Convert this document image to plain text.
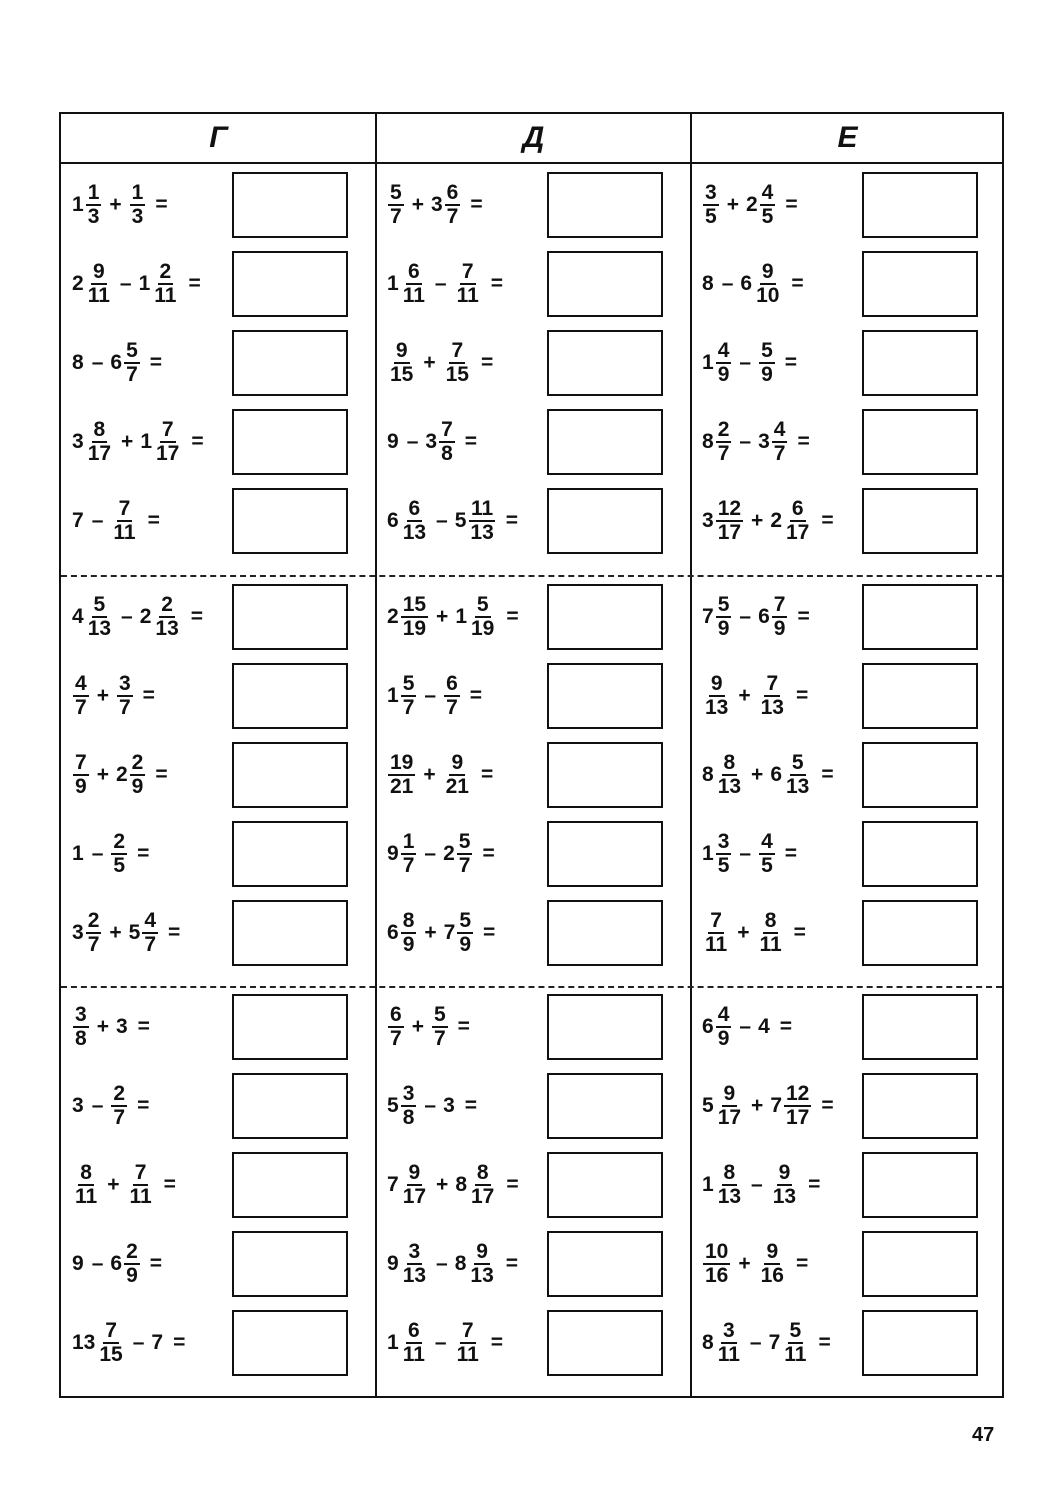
Г	Д	Е
$1 \frac{1}{3} + \frac{1}{3}$ =
$2 \frac{9}{11} - 1 \frac{2}{11}$ =
$8 - 6 \frac{5}{7}$ =
$3 \frac{8}{17} + 1 \frac{7}{17}$ =
$7 - \frac{7}{11}$ =
$4 \frac{5}{13} - 2 \frac{2}{13}$ =
$\frac{4}{7} + \frac{3}{7}$ =
$\frac{7}{9} + 2 \frac{2}{9}$ =
$1 - \frac{2}{5}$ =
$3 \frac{2}{7} + 5 \frac{4}{7}$ =
$\frac{3}{8} + 3$ =
$3 - \frac{2}{7}$ =
$\frac{8}{11} + \frac{7}{11}$ =
$9 - 6 \frac{2}{9}$ =
$13 \frac{7}{15} - 7$ =
$\frac{5}{7} + 3 \frac{6}{7}$ =
$1 \frac{6}{11} - \frac{7}{11}$ =
$\frac{9}{15} + \frac{7}{15}$ =
$9 - 3 \frac{7}{8}$ =
$6 \frac{6}{13} - 5 \frac{11}{13}$ =
$2 \frac{15}{19} + 1 \frac{5}{19}$ =
$1 \frac{5}{7} - \frac{6}{7}$ =
$\frac{19}{21} + \frac{9}{21}$ =
$9 \frac{1}{7} - 2 \frac{5}{7}$ =
$6 \frac{8}{9} + 7 \frac{5}{9}$ =
$\frac{6}{7} + \frac{5}{7}$ =
$5 \frac{3}{8} - 3$ =
$7 \frac{9}{17} + 8 \frac{8}{17}$ =
$9 \frac{3}{13} - 8 \frac{9}{13}$ =
$1 \frac{6}{11} - \frac{7}{11}$ =
$\frac{3}{5} + 2 \frac{4}{5}$ =
$8 - 6 \frac{9}{10}$ =
$1 \frac{4}{9} - \frac{5}{9}$ =
$8 \frac{2}{7} - 3 \frac{4}{7}$ =
$3 \frac{12}{17} + 2 \frac{6}{17}$ =
$7 \frac{5}{9} - 6 \frac{7}{9}$ =
$\frac{9}{13} + \frac{7}{13}$ =
$8 \frac{8}{13} + 6 \frac{5}{13}$ =
$1 \frac{3}{5} - \frac{4}{5}$ =
$\frac{7}{11} + \frac{8}{11}$ =
$6 \frac{4}{9} - 4$ =
$5 \frac{9}{17} + 7 \frac{12}{17}$ =
$1 \frac{8}{13} - \frac{9}{13}$ =
$\frac{10}{16} + \frac{9}{16}$ =
$8 \frac{3}{11} - 7 \frac{5}{11}$ =
47
